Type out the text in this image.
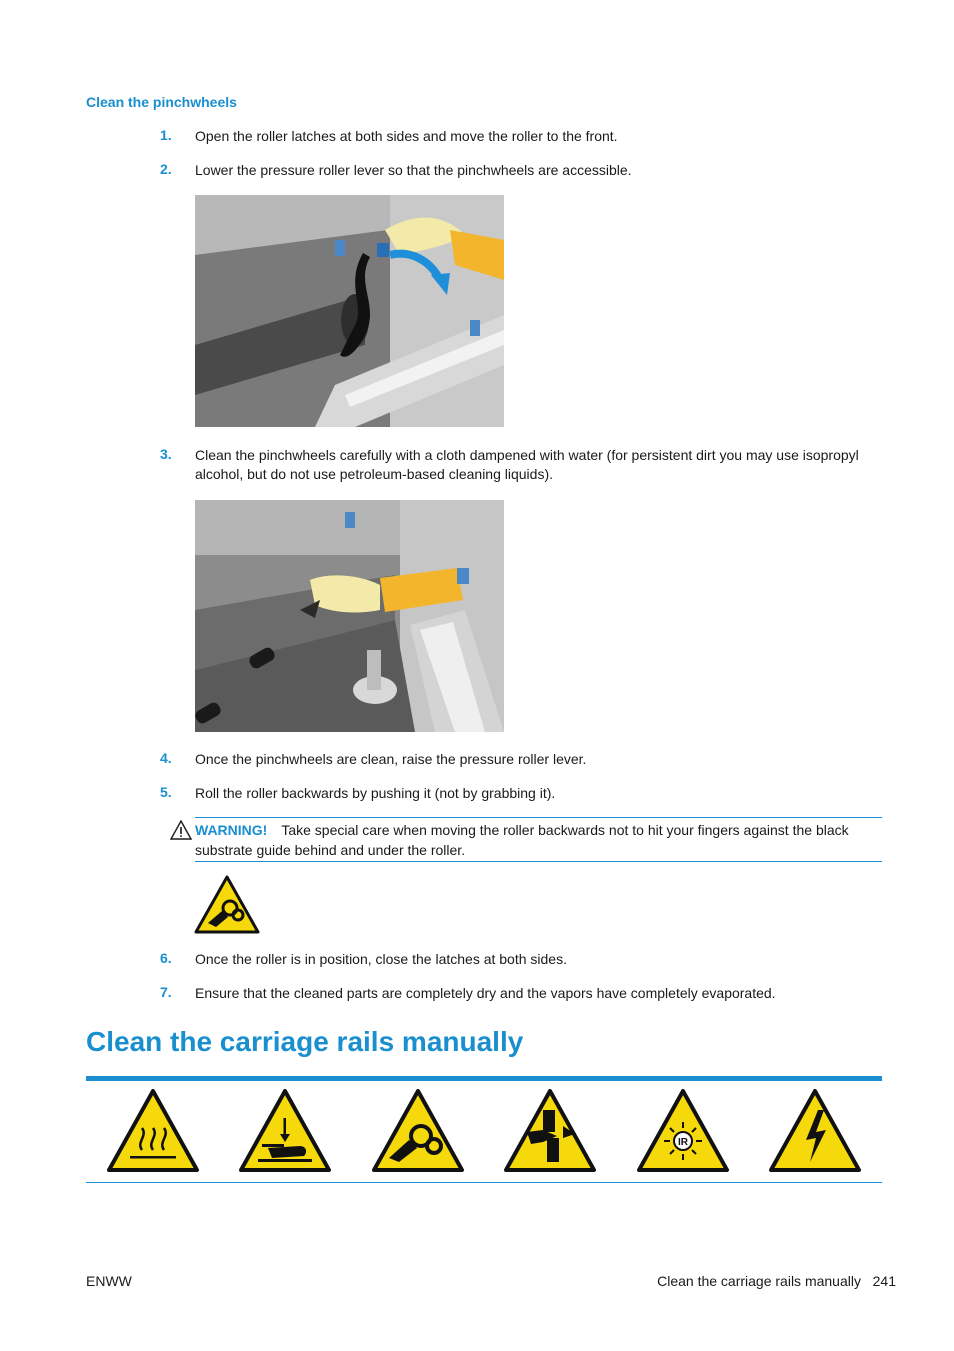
Clean the pinchwheels
1. Open the roller latches at both sides and move the roller to the front.
2. Lower the pressure roller lever so that the pinchwheels are accessible.
3. Clean the pinchwheels carefully with a cloth dampened with water (for persistent dirt you may use isopropyl alcohol, but do not use petroleum-based cleaning liquids).
4. Once the pinchwheels are clean, raise the pressure roller lever.
5. Roll the roller backwards by pushing it (not by grabbing it).
WARNING! Take special care when moving the roller backwards not to hit your fingers against the black substrate guide behind and under the roller.
6. Once the roller is in position, close the latches at both sides.
7. Ensure that the cleaned parts are completely dry and the vapors have completely evaporated.
Clean the carriage rails manually
IR
ENWW	Clean the carriage rails manually 241
